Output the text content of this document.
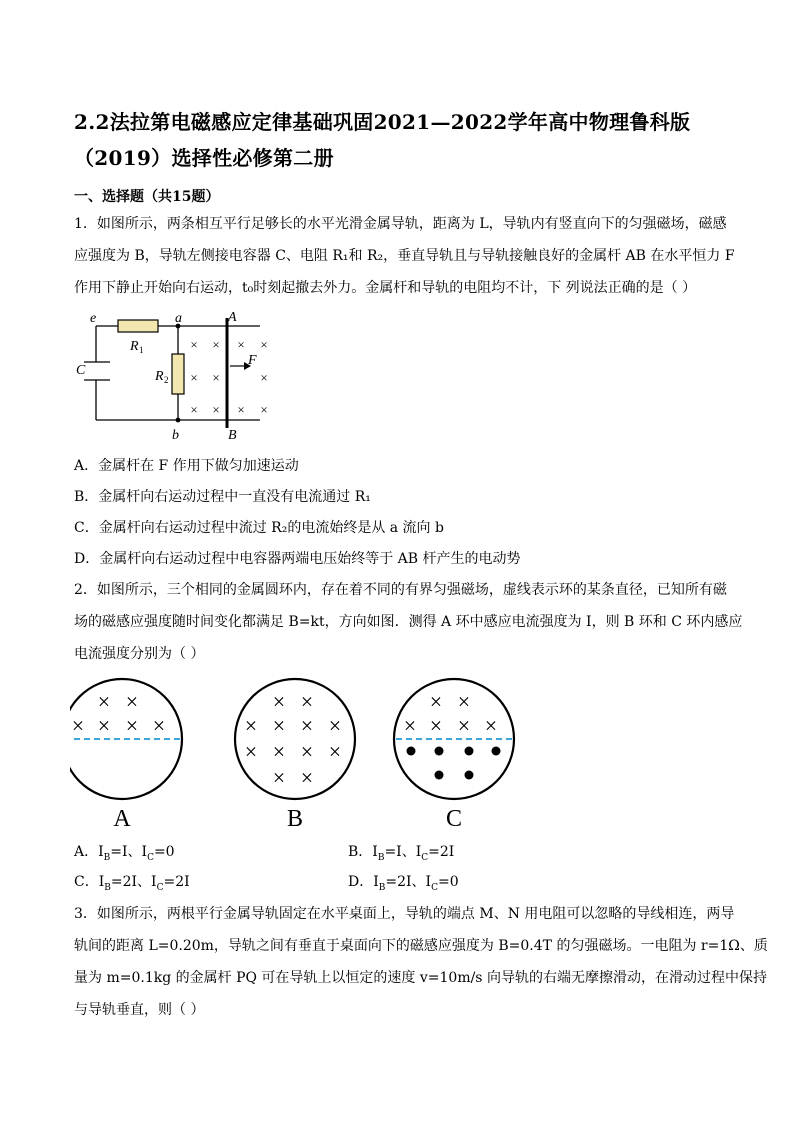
2.2法拉第电磁感应定律基础巩固2021—2022学年高中物理鲁科版
（2019）选择性必修第二册
一、选择题（共15题）
1．如图所示，两条相互平行足够长的水平光滑金属导轨，距离为 L，导轨内有竖直向下的匀强磁场，磁感
应强度为 B，导轨左侧接电容器 C、电阻 R₁和 R₂，垂直导轨且与导轨接触良好的金属杆 AB 在水平恒力 F
作用下静止开始向右运动，t₀时刻起撤去外力。金属杆和导轨的电阻均不计，下 列说法正确的是（ ）
× × × ×
× ×	×
× × × ×
e	a	A
R
R
C
F
b	B
1
2
A．金属杆在 F 作用下做匀加速运动
B．金属杆向右运动过程中一直没有电流通过 R₁
C．金属杆向右运动过程中流过 R₂的电流始终是从 a 流向 b
D．金属杆向右运动过程中电容器两端电压始终等于 AB 杆产生的电动势
2．如图所示，三个相同的金属圆环内，存在着不同的有界匀强磁场，虚线表示环的某条直径，已知所有磁
场的磁感应强度随时间变化都满足 B=kt，方向如图．测得 A 环中感应电流强度为 I，则 B 环和 C 环内感应
电流强度分别为（ ）
× ×
× × × ×
A
× ×
× × × ×
× × × ×
× ×
B
× ×
× × × ×
C
A．$I_B=I$、$I_C=0$	B．$I_B=I$、$I_C=2I$
C．$I_B=2I$、$I_C=2I$	D．$I_B=2I$、$I_C=0$
3．如图所示，两根平行金属导轨固定在水平桌面上，导轨的端点 M、N 用电阻可以忽略的导线相连，两导
轨间的距离 L=0.20m，导轨之间有垂直于桌面向下的磁感应强度为 B=0.4T 的匀强磁场。一电阻为 r=1Ω、质
量为 m=0.1kg 的金属杆 PQ 可在导轨上以恒定的速度 v=10m/s 向导轨的右端无摩擦滑动，在滑动过程中保持
与导轨垂直，则（ ）
